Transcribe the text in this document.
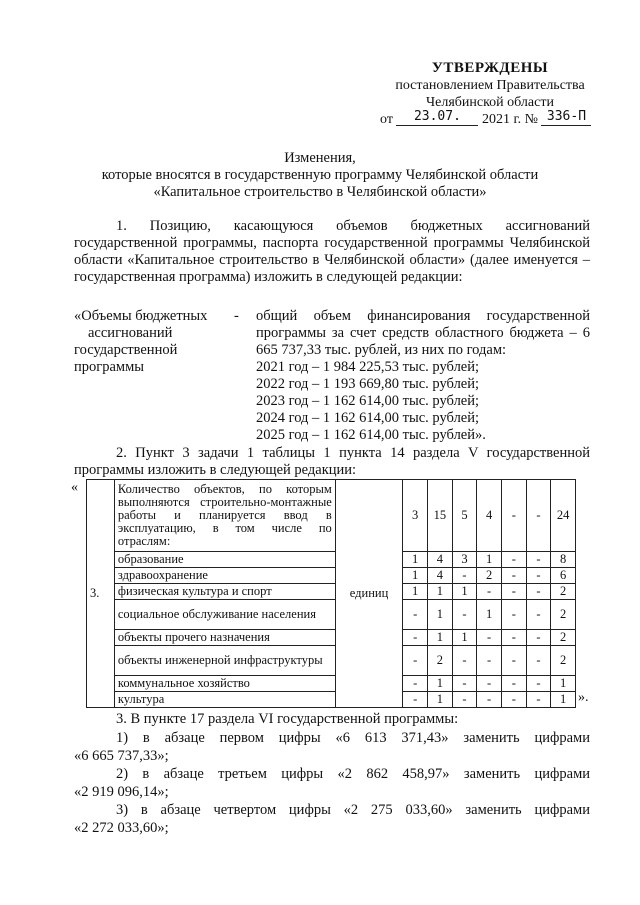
УТВЕРЖДЕНЫ
постановлением Правительства
Челябинской области
от 23.07. 2021 г. № 336-П
Изменения,
которые вносятся в государственную программу Челябинской области
«Капитальное строительство в Челябинской области»
1. Позицию, касающуюся объемов бюджетных ассигнований государственной программы, паспорта государственной программы Челябинской области «Капитальное строительство в Челябинской области» (далее именуется – государственная программа) изложить в следующей редакции:
«Объемы бюджетных
ассигнований
государственной
программы
- общий объем финансирования государственной программы за счет средств областного бюджета – 6 665 737,33 тыс. рублей, из них по годам:
2021 год – 1 984 225,53 тыс. рублей;
2022 год – 1 193 669,80 тыс. рублей;
2023 год – 1 162 614,00 тыс. рублей;
2024 год – 1 162 614,00 тыс. рублей;
2025 год – 1 162 614,00 тыс. рублей».
2. Пункт 3 задачи 1 таблицы 1 пункта 14 раздела V государственной программы изложить в следующей редакции:
«
3.	Количество объектов, по которым выполняются строительно-монтажные работы и планируется ввод в эксплуатацию, в том числе по отраслям:	единиц	3	15	5	4	-	-	24
	образование		1	4	3	1	-	-	8
	здравоохранение		1	4	-	2	-	-	6
	физическая культура и спорт		1	1	1	-	-	-	2
	социальное обслуживание населения		-	1	-	1	-	-	2
	объекты прочего назначения		-	1	1	-	-	-	2
	объекты инженерной инфраструктуры		-	2	-	-	-	-	2
	коммунальное хозяйство		-	1	-	-	-	-	1
	культура		-	1	-	-	-	-	1 ».
3. В пункте 17 раздела VI государственной программы:
1) в абзаце первом цифры «6 613 371,43» заменить цифрами
«6 665 737,33»;
2) в абзаце третьем цифры «2 862 458,97» заменить цифрами
«2 919 096,14»;
3) в абзаце четвертом цифры «2 275 033,60» заменить цифрами
«2 272 033,60»;
